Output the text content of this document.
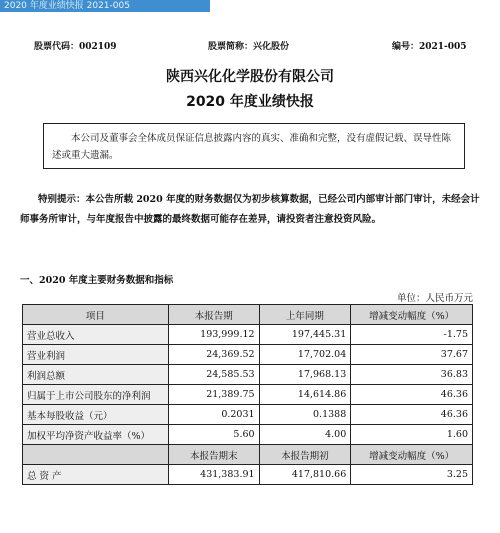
2020 年度业绩快报 2021-005
股票代码：002109	股票简称：兴化股份	编号：2021-005
陕西兴化化学股份有限公司
2020 年度业绩快报
本公司及董事会全体成员保证信息披露内容的真实、准确和完整，没有虚假记载、误导性陈述或重大遗漏。
特别提示：本公告所载 2020 年度的财务数据仅为初步核算数据，已经公司内部审计部门审计，未经会计师事务所审计，与年度报告中披露的最终数据可能存在差异，请投资者注意投资风险。
一、2020 年度主要财务数据和指标
单位：人民币万元
项目	本报告期	上年同期	增减变动幅度（%）
营业总收入	193,999.12	197,445.31	-1.75
营业利润	24,369.52	17,702.04	37.67
利润总额	24,585.53	17,968.13	36.83
归属于上市公司股东的净利润	21,389.75	14,614.86	46.36
基本每股收益（元）	0.2031	0.1388	46.36
加权平均净资产收益率（%）	5.60	4.00	1.60
	本报告期末	本报告期初	增减变动幅度（%）
总 资 产	431,383.91	417,810.66	3.25
